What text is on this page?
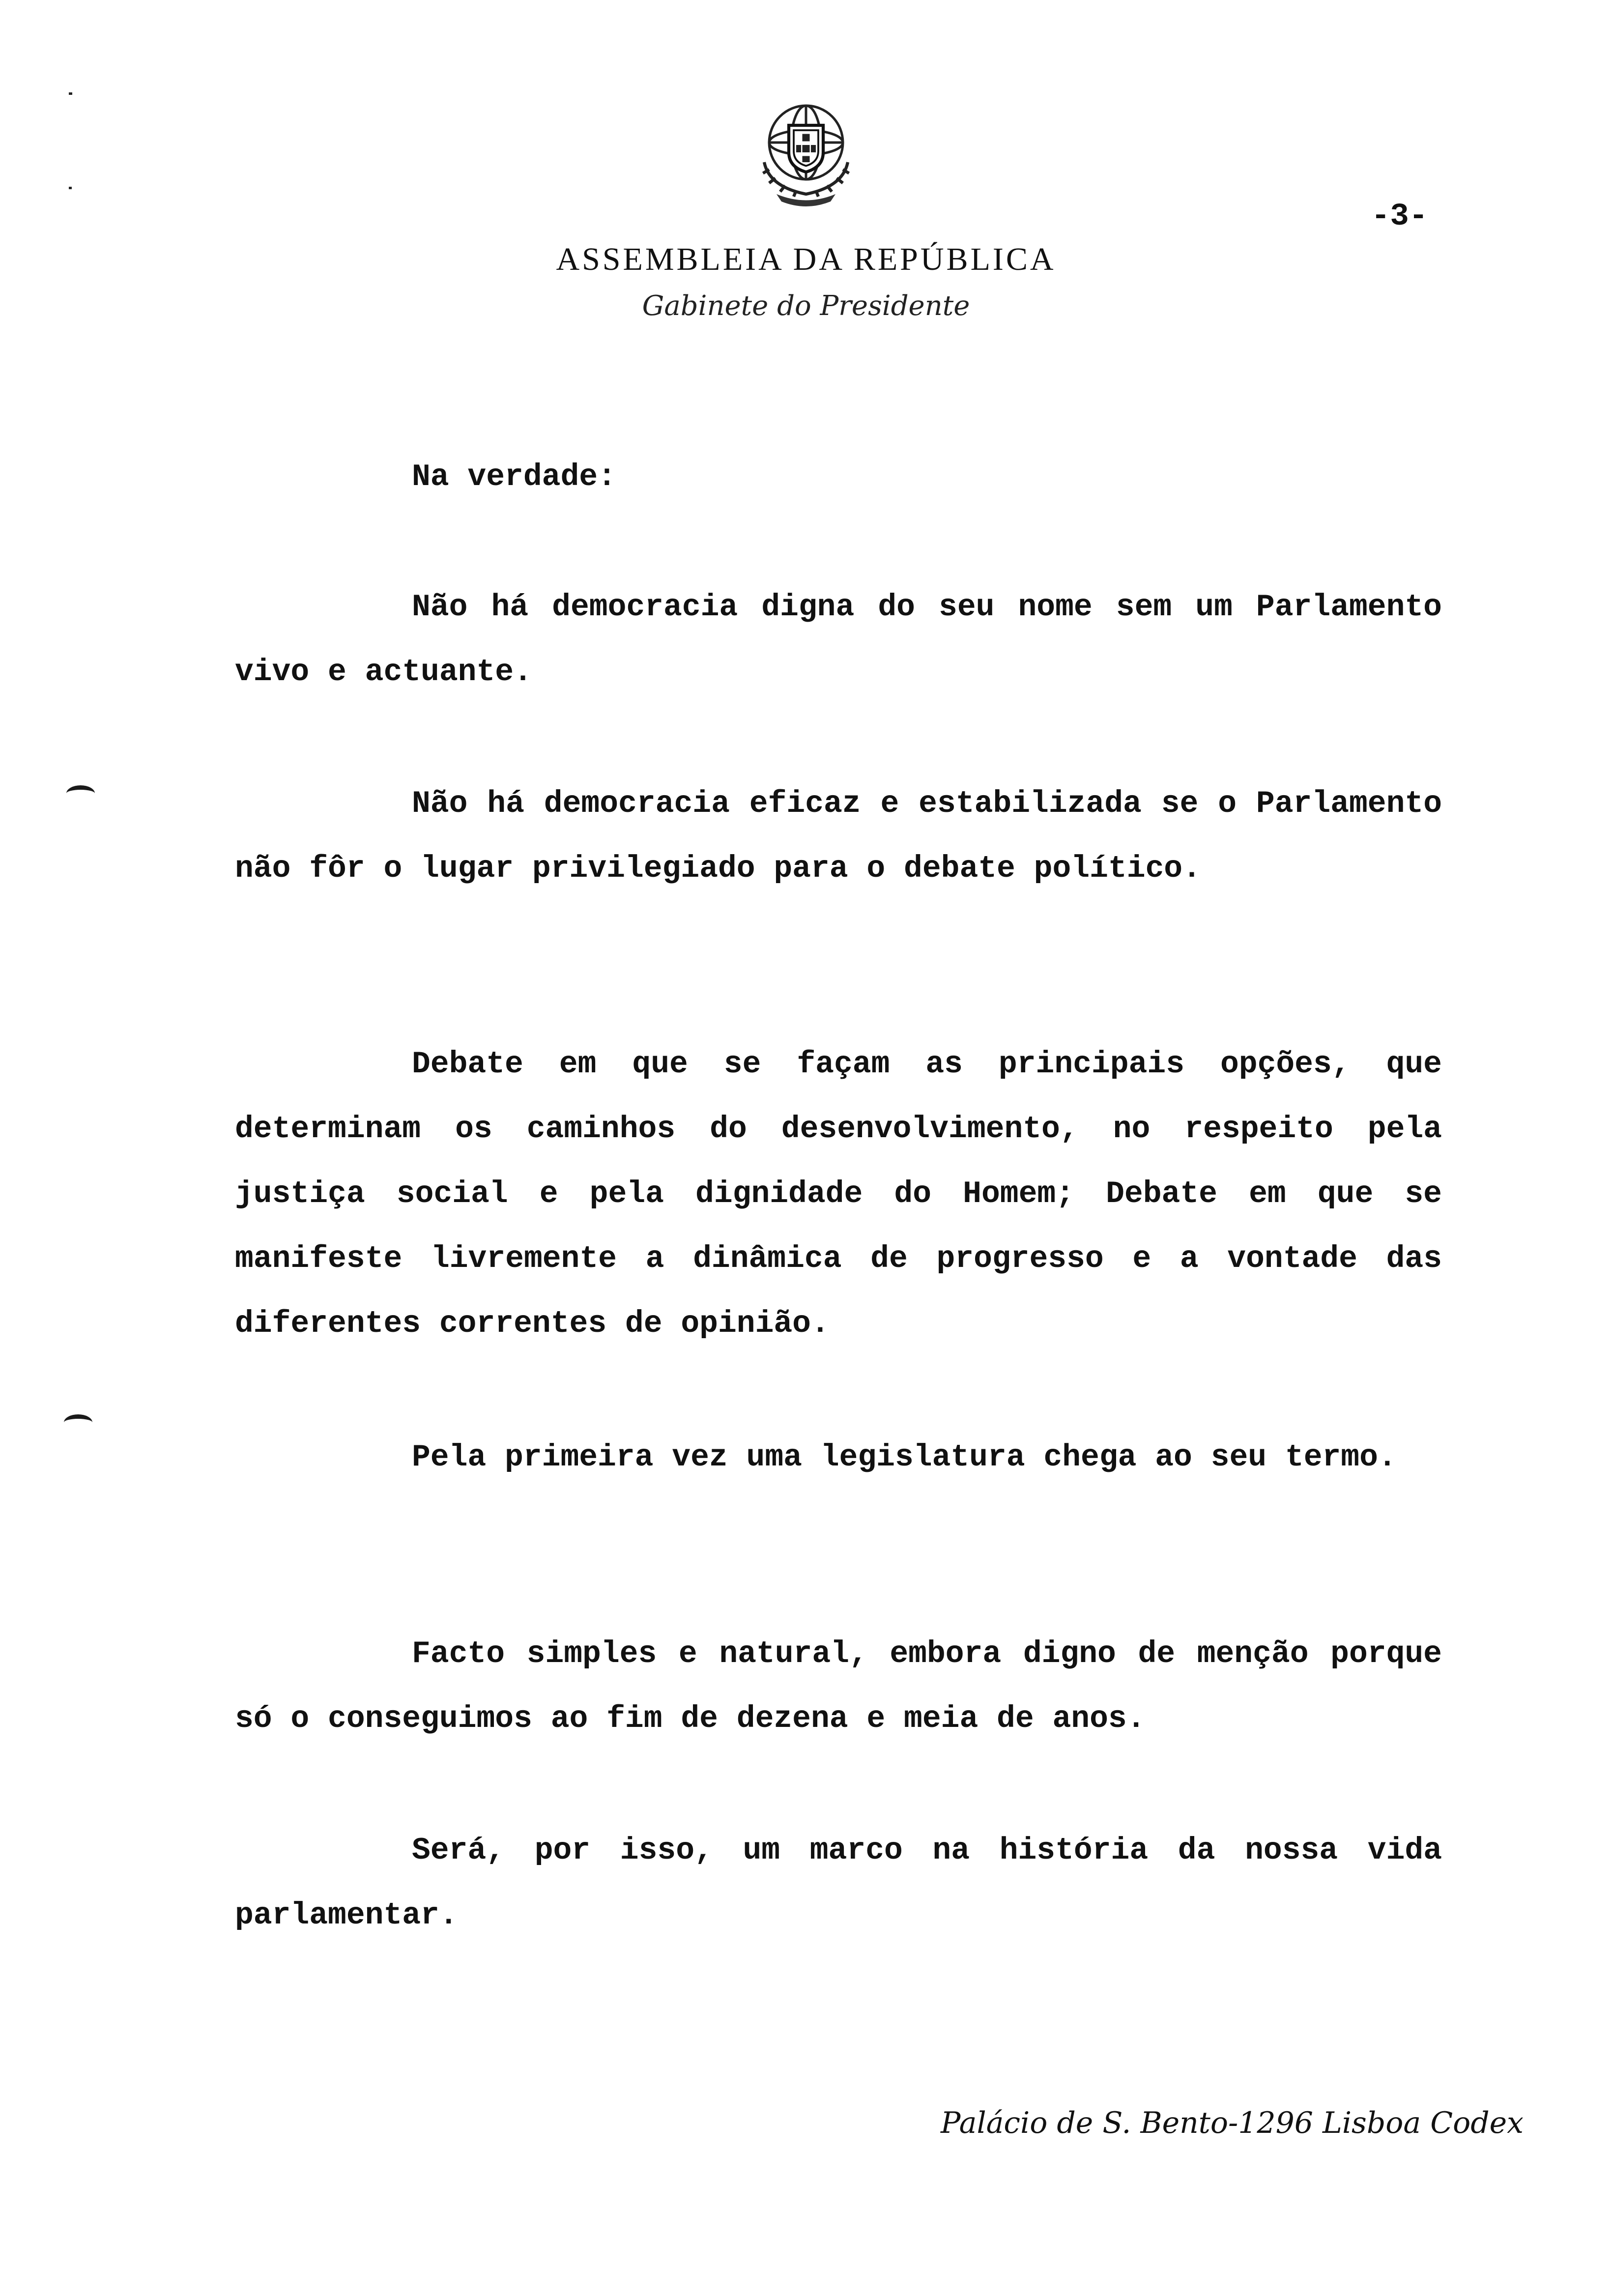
ASSEMBLEIA DA REPÚBLICA
Gabinete do Presidente
-3-

Na verdade:

Não há democracia digna do seu nome sem um Parlamento vivo e actuante.

Não há democracia eficaz e estabilizada se o Parlamento não fôr o lugar privilegiado para o debate político.

Debate em que se façam as principais opções, que determinam os caminhos do desenvolvimento, no respeito pela justiça social e pela dignidade do Homem; Debate em que se manifeste livremente a dinâmica de progresso e a vontade das diferentes correntes de opinião.

Pela primeira vez uma legislatura chega ao seu termo.

Facto simples e natural, embora digno de menção porque só o conseguimos ao fim de dezena e meia de anos.

Será, por isso, um marco na história da nossa vida parlamentar.

Palácio de S. Bento-1296 Lisboa Codex
